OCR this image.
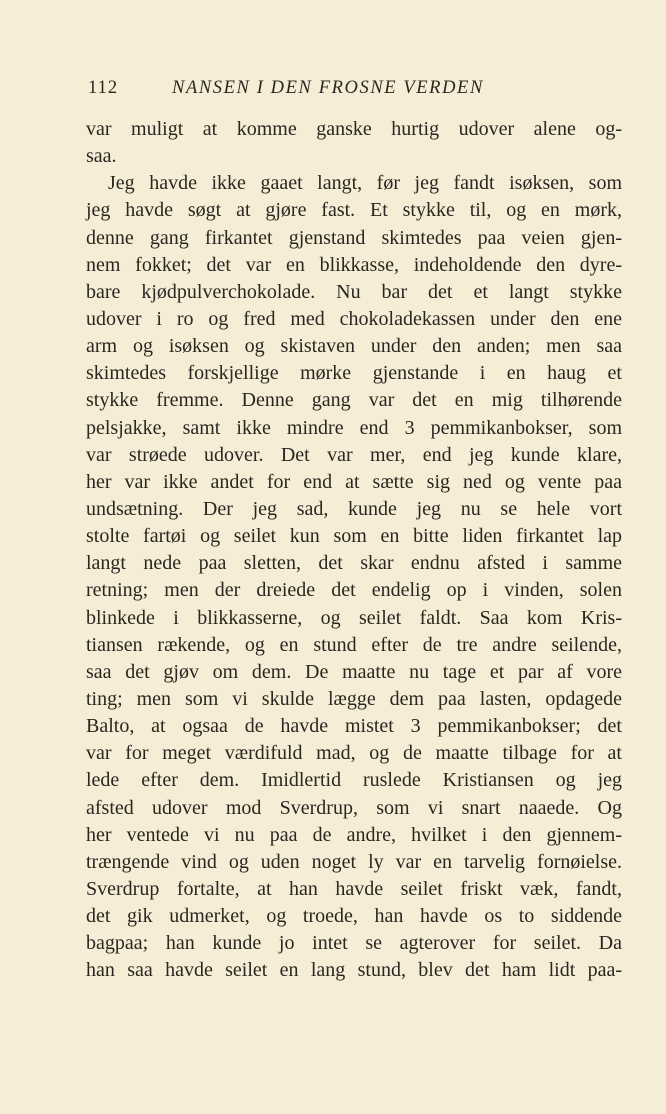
112	NANSEN I DEN FROSNE VERDEN
var muligt at komme ganske hurtig udover alene og-
saa.
Jeg havde ikke gaaet langt, før jeg fandt isøksen, som
jeg havde søgt at gjøre fast. Et stykke til, og en mørk,
denne gang firkantet gjenstand skimtedes paa veien gjen-
nem fokket; det var en blikkasse, indeholdende den dyre-
bare kjødpulverchokolade. Nu bar det et langt stykke
udover i ro og fred med chokoladekassen under den ene
arm og isøksen og skistaven under den anden; men saa
skimtedes forskjellige mørke gjenstande i en haug et
stykke fremme. Denne gang var det en mig tilhørende
pelsjakke, samt ikke mindre end 3 pemmikanbokser, som
var strøede udover. Det var mer, end jeg kunde klare,
her var ikke andet for end at sætte sig ned og vente paa
undsætning. Der jeg sad, kunde jeg nu se hele vort
stolte fartøi og seilet kun som en bitte liden firkantet lap
langt nede paa sletten, det skar endnu afsted i samme
retning; men der dreiede det endelig op i vinden, solen
blinkede i blikkasserne, og seilet faldt. Saa kom Kris-
tiansen rækende, og en stund efter de tre andre seilende,
saa det gjøv om dem. De maatte nu tage et par af vore
ting; men som vi skulde lægge dem paa lasten, opdagede
Balto, at ogsaa de havde mistet 3 pemmikanbokser; det
var for meget værdifuld mad, og de maatte tilbage for at
lede efter dem. Imidlertid ruslede Kristiansen og jeg
afsted udover mod Sverdrup, som vi snart naaede. Og
her ventede vi nu paa de andre, hvilket i den gjennem-
trængende vind og uden noget ly var en tarvelig fornøielse.
Sverdrup fortalte, at han havde seilet friskt væk, fandt,
det gik udmerket, og troede, han havde os to siddende
bagpaa; han kunde jo intet se agterover for seilet. Da
han saa havde seilet en lang stund, blev det ham lidt paa-
